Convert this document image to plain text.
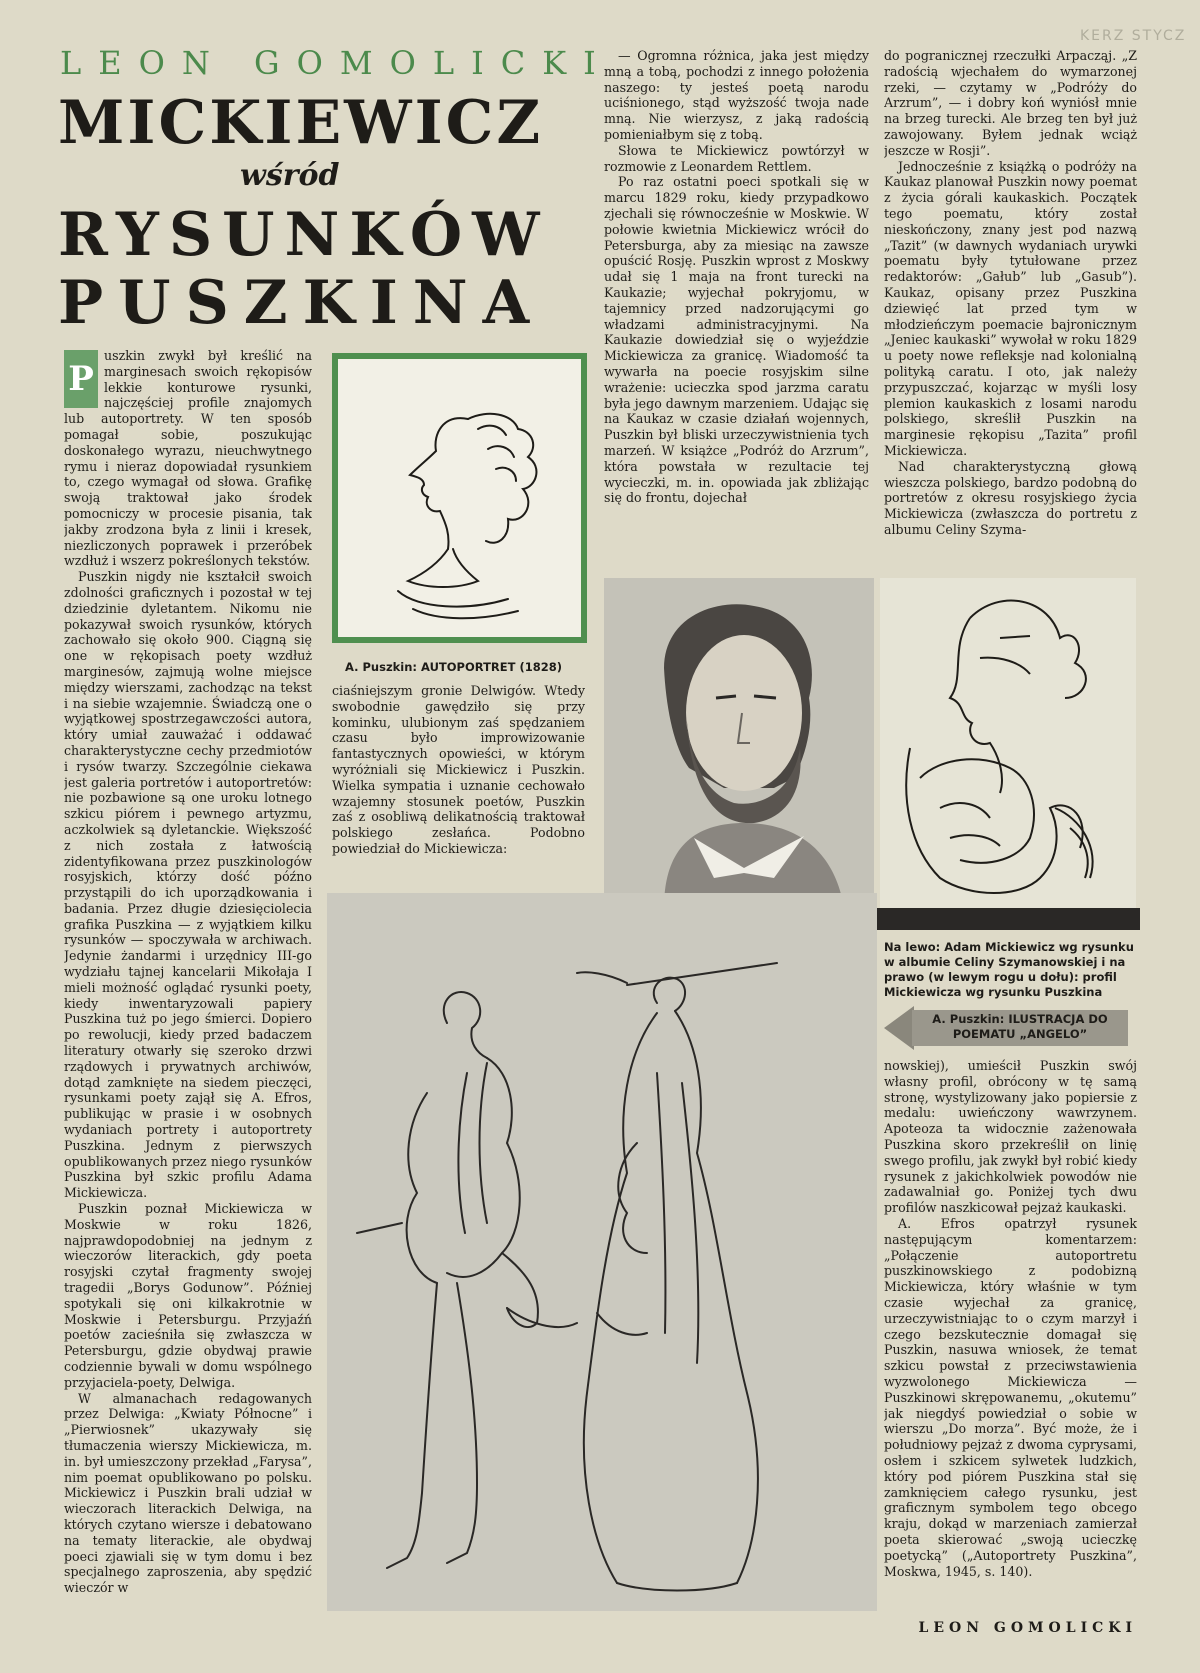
KERZ STYCZ
LEON GOMOLICKI
MICKIEWICZ
wśród
RYSUNKÓW
PUSZKINA

P
uszkin zwykł był kreślić na marginesach swoich rękopisów lekkie konturowe rysunki, najczęściej profile znajomych lub autoportrety. W ten sposób pomagał sobie, poszukując doskonałego wyrazu, nieuchwytnego rymu i nieraz dopowiadał rysunkiem to, czego wymagał od słowa. Grafikę swoją traktował jako środek pomocniczy w procesie pisania, tak jakby zrodzona była z linii i kresek, niezliczonych poprawek i przeróbek wzdłuż i wszerz pokreślonych tekstów.

Puszkin nigdy nie kształcił swoich zdolności graficznych i pozostał w tej dziedzinie dyletantem. Nikomu nie pokazywał swoich rysunków, których zachowało się około 900. Ciągną się one w rękopisach poety wzdłuż marginesów, zajmują wolne miejsce między wierszami, zachodząc na tekst i na siebie wzajemnie. Świadczą one o wyjątkowej spostrzegawczości autora, który umiał zauważać i oddawać charakterystyczne cechy przedmiotów i rysów twarzy. Szczególnie ciekawa jest galeria portretów i autoportretów: nie pozbawione są one uroku lotnego szkicu piórem i pewnego artyzmu, aczkolwiek są dyletanckie. Większość z nich została z łatwością zidentyfikowana przez puszkinologów rosyjskich, którzy dość późno przystąpili do ich uporządkowania i badania. Przez długie dziesięciolecia grafika Puszkina — z wyjątkiem kilku rysunków — spoczywała w archiwach. Jedynie żandarmi i urzędnicy III-go wydziału tajnej kancelarii Mikołaja I mieli możność oglądać rysunki poety, kiedy inwentaryzowali papiery Puszkina tuż po jego śmierci. Dopiero po rewolucji, kiedy przed badaczem literatury otwarły się szeroko drzwi rządowych i prywatnych archiwów, dotąd zamknięte na siedem pieczęci, rysunkami poety zajął się A. Efros, publikując w prasie i w osobnych wydaniach portrety i autoportrety Puszkina. Jednym z pierwszych opublikowanych przez niego rysunków Puszkina był szkic profilu Adama Mickiewicza.

Puszkin poznał Mickiewicza w Moskwie w roku 1826, najprawdopodobniej na jednym z wieczorów literackich, gdy poeta rosyjski czytał fragmenty swojej tragedii „Borys Godunow”. Później spotykali się oni kilkakrotnie w Moskwie i Petersburgu. Przyjaźń poetów zacieśniła się zwłaszcza w Petersburgu, gdzie obydwaj prawie codziennie bywali w domu wspólnego przyjaciela-poety, Delwiga.

W almanachach redagowanych przez Delwiga: „Kwiaty Północne” i „Pierwiosnek” ukazywały się tłumaczenia wierszy Mickiewicza, m. in. był umieszczony przekład „Farysa”, nim poemat opublikowano po polsku. Mickiewicz i Puszkin brali udział w wieczorach literackich Delwiga, na których czytano wiersze i debatowano na tematy literackie, ale obydwaj poeci zjawiali się w tym domu i bez specjalnego zaproszenia, aby spędzić wieczór w

A. Puszkin: AUTOPORTRET (1828)

ciaśniejszym gronie Delwigów. Wtedy swobodnie gawędziło się przy kominku, ulubionym zaś spędzaniem czasu było improwizowanie fantastycznych opowieści, w którym wyróżniali się Mickiewicz i Puszkin. Wielka sympatia i uznanie cechowało wzajemny stosunek poetów, Puszkin zaś z osobliwą delikatnością traktował polskiego zesłańca. Podobno powiedział do Mickiewicza:

— Ogromna różnica, jaka jest między mną a tobą, pochodzi z innego położenia naszego: ty jesteś poetą narodu uciśnionego, stąd wyższość twoja nade mną. Nie wierzysz, z jaką radością pomieniałbym się z tobą.

Słowa te Mickiewicz powtórzył w rozmowie z Leonardem Rettlem.

Po raz ostatni poeci spotkali się w marcu 1829 roku, kiedy przypadkowo zjechali się równocześnie w Moskwie. W połowie kwietnia Mickiewicz wrócił do Petersburga, aby za miesiąc na zawsze opuścić Rosję. Puszkin wprost z Moskwy udał się 1 maja na front turecki na Kaukazie; wyjechał pokryjomu, w tajemnicy przed nadzorującymi go władzami administracyjnymi. Na Kaukazie dowiedział się o wyjeździe Mickiewicza za granicę. Wiadomość ta wywarła na poecie rosyjskim silne wrażenie: ucieczka spod jarzma caratu była jego dawnym marzeniem. Udając się na Kaukaz w czasie działań wojennych, Puszkin był bliski urzeczywistnienia tych marzeń. W książce „Podróż do Arzrum”, która powstała w rezultacie tej wycieczki, m. in. opowiada jak zbliżając się do frontu, dojechał

do pogranicznej rzeczułki Arpacząj. „Z radością wjechałem do wymarzonej rzeki, — czytamy w „Podróży do Arzrum”, — i dobry koń wyniósł mnie na brzeg turecki. Ale brzeg ten był już zawojowany. Byłem jednak wciąż jeszcze w Rosji”.

Jednocześnie z książką o podróży na Kaukaz planował Puszkin nowy poemat z życia górali kaukaskich. Początek tego poematu, który został nieskończony, znany jest pod nazwą „Tazit” (w dawnych wydaniach urywki poematu były tytułowane przez redaktorów: „Gałub” lub „Gasub”). Kaukaz, opisany przez Puszkina dziewięć lat przed tym w młodzieńczym poemacie bajronicznym „Jeniec kaukaski” wywołał w roku 1829 u poety nowe refleksje nad kolonialną polityką caratu. I oto, jak należy przypuszczać, kojarząc w myśli losy plemion kaukaskich z losami narodu polskiego, skreślił Puszkin na marginesie rękopisu „Tazita” profil Mickiewicza.

Nad charakterystyczną głową wieszcza polskiego, bardzo podobną do portretów z okresu rosyjskiego życia Mickiewicza (zwłaszcza do portretu z albumu Celiny Szyma-

Na lewo: Adam Mickiewicz wg rysunku w albumie Celiny Szymanowskiej i na prawo (w lewym rogu u dołu): profil Mickiewicza wg rysunku Puszkina
A. Puszkin: ILUSTRACJA DO POEMATU „ANGELO”

nowskiej), umieścił Puszkin swój własny profil, obrócony w tę samą stronę, wystylizowany jako popiersie z medalu: uwieńczony wawrzynem. Apoteoza ta widocznie zażenowała Puszkina skoro przekreślił on linię swego profilu, jak zwykł był robić kiedy rysunek z jakichkolwiek powodów nie zadawalniał go. Poniżej tych dwu profilów naszkicował pejzaż kaukaski.

A. Efros opatrzył rysunek następującym komentarzem: „Połączenie autoportretu puszkinowskiego z podobizną Mickiewicza, który właśnie w tym czasie wyjechał za granicę, urzeczywistniając to o czym marzył i czego bezskutecznie domagał się Puszkin, nasuwa wniosek, że temat szkicu powstał z przeciwstawienia wyzwolonego Mickiewicza — Puszkinowi skrępowanemu, „okutemu” jak niegdyś powiedział o sobie w wierszu „Do morza”. Być może, że i południowy pejzaż z dwoma cyprysami, osłem i szkicem sylwetek ludzkich, który pod piórem Puszkina stał się zamknięciem całego rysunku, jest graficznym symbolem tego obcego kraju, dokąd w marzeniach zamierzał poeta skierować „swoją ucieczkę poetycką” („Autoportrety Puszkina”, Moskwa, 1945, s. 140).

LEON GOMOLICKI
